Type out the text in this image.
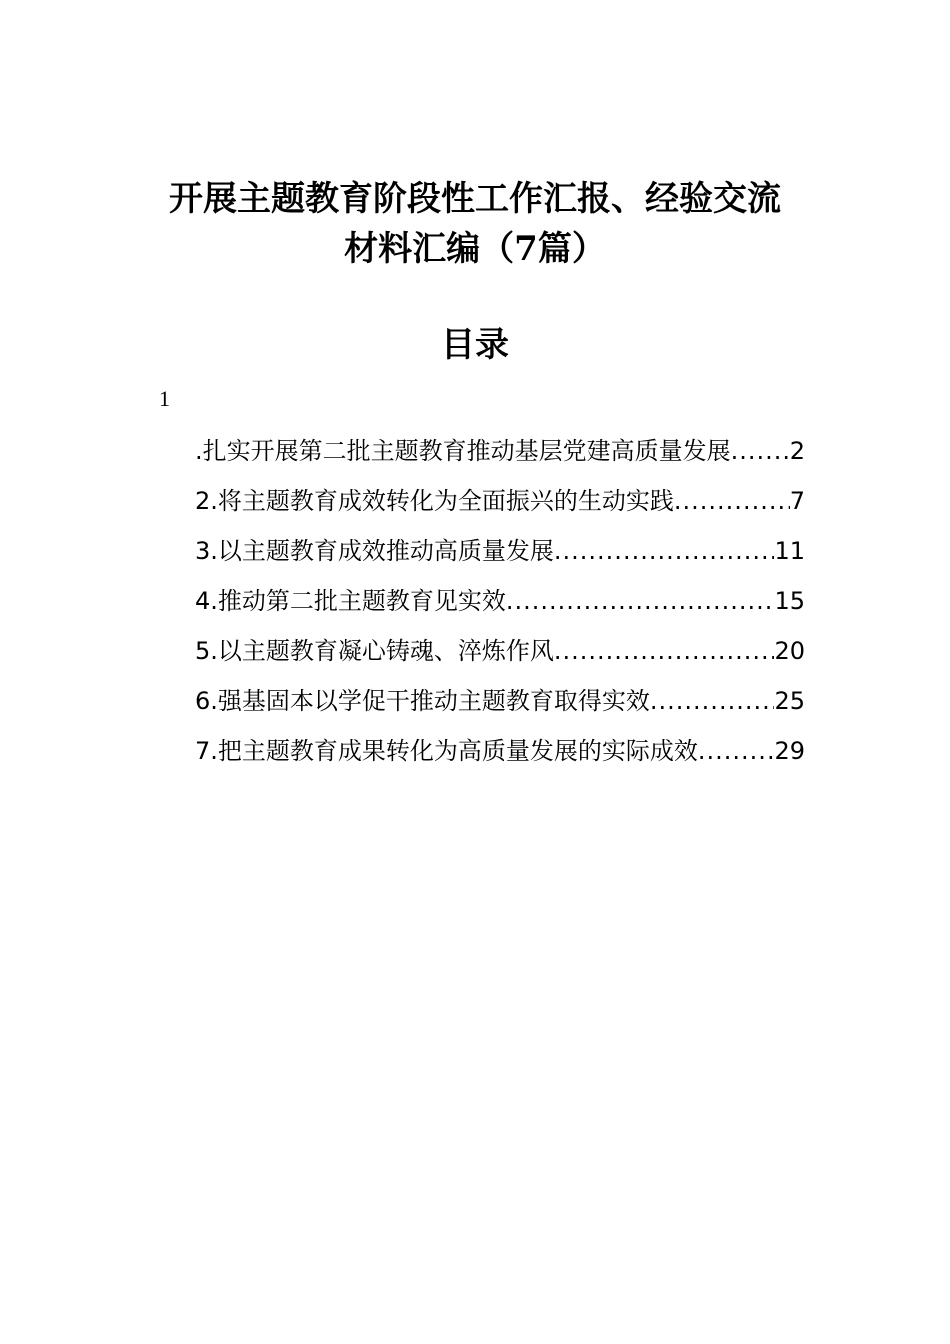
开展主题教育阶段性工作汇报、经验交流
材料汇编（7篇）
目录
1
.扎实开展第二批主题教育推动基层党建高质量发展 ..... 2
2.将主题教育成效转化为全面振兴的生动实践 .....	7
3.以主题教育成效推动高质量发展 .....	11
4.推动第二批主题教育见实效 .....	15
5.以主题教育凝心铸魂、淬炼作风 .....	20
6.强基固本以学促干推动主题教育取得实效 .....	25
7.把主题教育成果转化为高质量发展的实际成效 .....	29
